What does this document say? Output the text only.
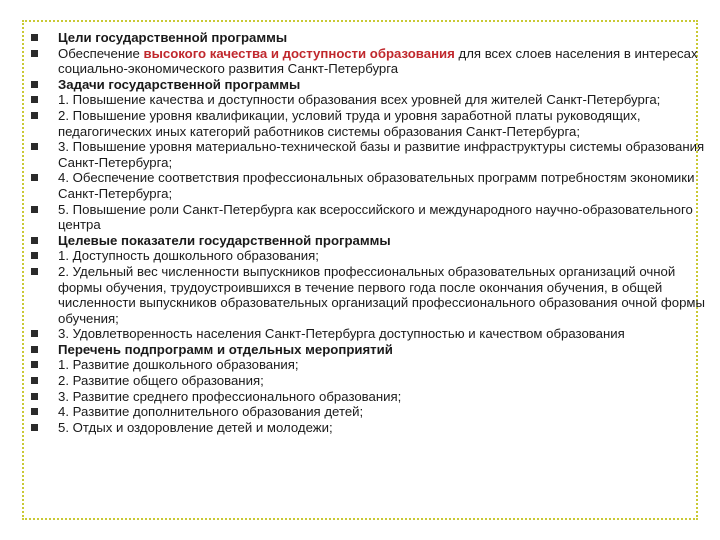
Цели государственной программы
Обеспечение высокого качества и доступности образования для всех слоев населения в интересах социально-экономического развития Санкт-Петербурга
Задачи государственной программы
1. Повышение качества и доступности образования всех уровней для жителей Санкт-Петербурга;
2. Повышение уровня квалификации, условий труда и уровня заработной платы руководящих, педагогических иных категорий работников системы образования Санкт-Петербурга;
3. Повышение уровня материально-технической базы и развитие инфраструктуры системы образования Санкт-Петербурга;
4. Обеспечение соответствия профессиональных образовательных программ потребностям экономики Санкт-Петербурга;
5. Повышение роли Санкт-Петербурга как всероссийского и международного научно-образовательного центра
Целевые показатели государственной программы
1. Доступность дошкольного образования;
2. Удельный вес численности выпускников профессиональных образовательных организаций очной формы обучения, трудоустроившихся в течение первого года после окончания обучения, в общей численности выпускников образовательных организаций профессионального образования очной формы обучения;
3. Удовлетворенность населения Санкт-Петербурга доступностью и качеством образования
Перечень подпрограмм и отдельных мероприятий
1. Развитие дошкольного образования;
2. Развитие общего образования;
3. Развитие среднего профессионального образования;
4. Развитие дополнительного образования детей;
5. Отдых и оздоровление детей и молодежи;
